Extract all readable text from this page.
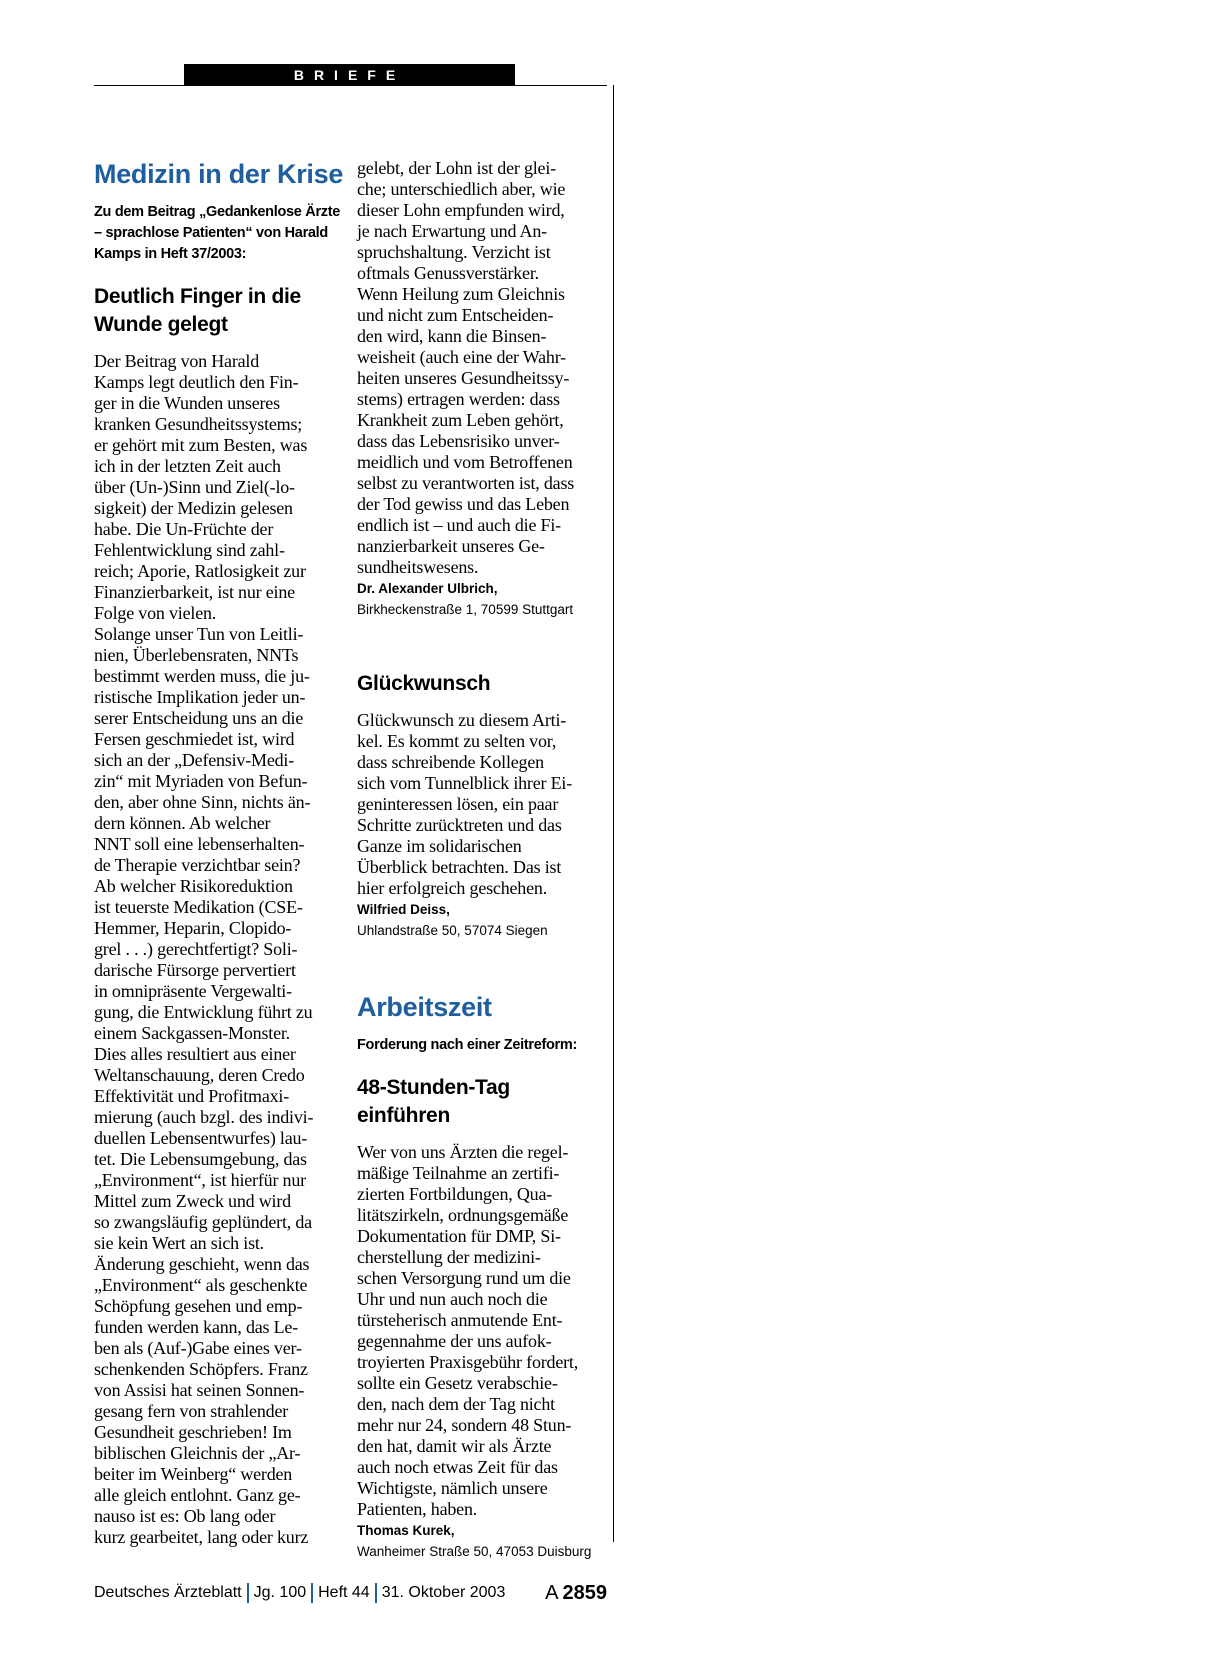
BRIEFE
Medizin in der Krise

Zu dem Beitrag „Gedankenlose Ärzte – sprachlose Patienten“ von Harald Kamps in Heft 37/2003:

Deutlich Finger in die Wunde gelegt

Der Beitrag von Harald
Kamps legt deutlich den Fin-
ger in die Wunden unseres
kranken Gesundheitssystems;
er gehört mit zum Besten, was
ich in der letzten Zeit auch
über (Un-)Sinn und Ziel(-lo-
sigkeit) der Medizin gelesen
habe. Die Un-Früchte der
Fehlentwicklung sind zahl-
reich; Aporie, Ratlosigkeit zur
Finanzierbarkeit, ist nur eine
Folge von vielen.
Solange unser Tun von Leitli-
nien, Überlebensraten, NNTs
bestimmt werden muss, die ju-
ristische Implikation jeder un-
serer Entscheidung uns an die
Fersen geschmiedet ist, wird
sich an der „Defensiv-Medi-
zin“ mit Myriaden von Befun-
den, aber ohne Sinn, nichts än-
dern können. Ab welcher
NNT soll eine lebenserhalten-
de Therapie verzichtbar sein?
Ab welcher Risikoreduktion
ist teuerste Medikation (CSE-
Hemmer, Heparin, Clopido-
grel . . .) gerechtfertigt? Soli-
darische Fürsorge pervertiert
in omnipräsente Vergewalti-
gung, die Entwicklung führt zu
einem Sackgassen-Monster.
Dies alles resultiert aus einer
Weltanschauung, deren Credo
Effektivität und Profitmaxi-
mierung (auch bzgl. des indivi-
duellen Lebensentwurfes) lau-
tet. Die Lebensumgebung, das
„Environment“, ist hierfür nur
Mittel zum Zweck und wird
so zwangsläufig geplündert, da
sie kein Wert an sich ist.
Änderung geschieht, wenn das
„Environment“ als geschenkte
Schöpfung gesehen und emp-
funden werden kann, das Le-
ben als (Auf-)Gabe eines ver-
schenkenden Schöpfers. Franz
von Assisi hat seinen Sonnen-
gesang fern von strahlender
Gesundheit geschrieben! Im
biblischen Gleichnis der „Ar-
beiter im Weinberg“ werden
alle gleich entlohnt. Ganz ge-
nauso ist es: Ob lang oder
kurz gearbeitet, lang oder kurz

gelebt, der Lohn ist der glei-
che; unterschiedlich aber, wie
dieser Lohn empfunden wird,
je nach Erwartung und An-
spruchshaltung. Verzicht ist
oftmals Genussverstärker.
Wenn Heilung zum Gleichnis
und nicht zum Entscheiden-
den wird, kann die Binsen-
weisheit (auch eine der Wahr-
heiten unseres Gesundheitssy-
stems) ertragen werden: dass
Krankheit zum Leben gehört,
dass das Lebensrisiko unver-
meidlich und vom Betroffenen
selbst zu verantworten ist, dass
der Tod gewiss und das Leben
endlich ist – und auch die Fi-
nanzierbarkeit unseres Ge-
sundheitswesens.

Dr. Alexander Ulbrich,

Birkheckenstraße 1, 70599 Stuttgart

Glückwunsch

Glückwunsch zu diesem Arti-
kel. Es kommt zu selten vor,
dass schreibende Kollegen
sich vom Tunnelblick ihrer Ei-
geninteressen lösen, ein paar
Schritte zurücktreten und das
Ganze im solidarischen
Überblick betrachten. Das ist
hier erfolgreich geschehen.

Wilfried Deiss,

Uhlandstraße 50, 57074 Siegen

Arbeitszeit

Forderung nach einer Zeitreform:

48-Stunden-Tag einführen

Wer von uns Ärzten die regel-
mäßige Teilnahme an zertifi-
zierten Fortbildungen, Qua-
litätszirkeln, ordnungsgemäße
Dokumentation für DMP, Si-
cherstellung der medizini-
schen Versorgung rund um die
Uhr und nun auch noch die
türsteherisch anmutende Ent-
gegennahme der uns aufok-
troyierten Praxisgebühr fordert,
sollte ein Gesetz verabschie-
den, nach dem der Tag nicht
mehr nur 24, sondern 48 Stun-
den hat, damit wir als Ärzte
auch noch etwas Zeit für das
Wichtigste, nämlich unsere
Patienten, haben.

Thomas Kurek,

Wanheimer Straße 50, 47053 Duisburg

Deutsches Ärzteblatt Jg. 100 Heft 44 31. Oktober 2003 A 2859
